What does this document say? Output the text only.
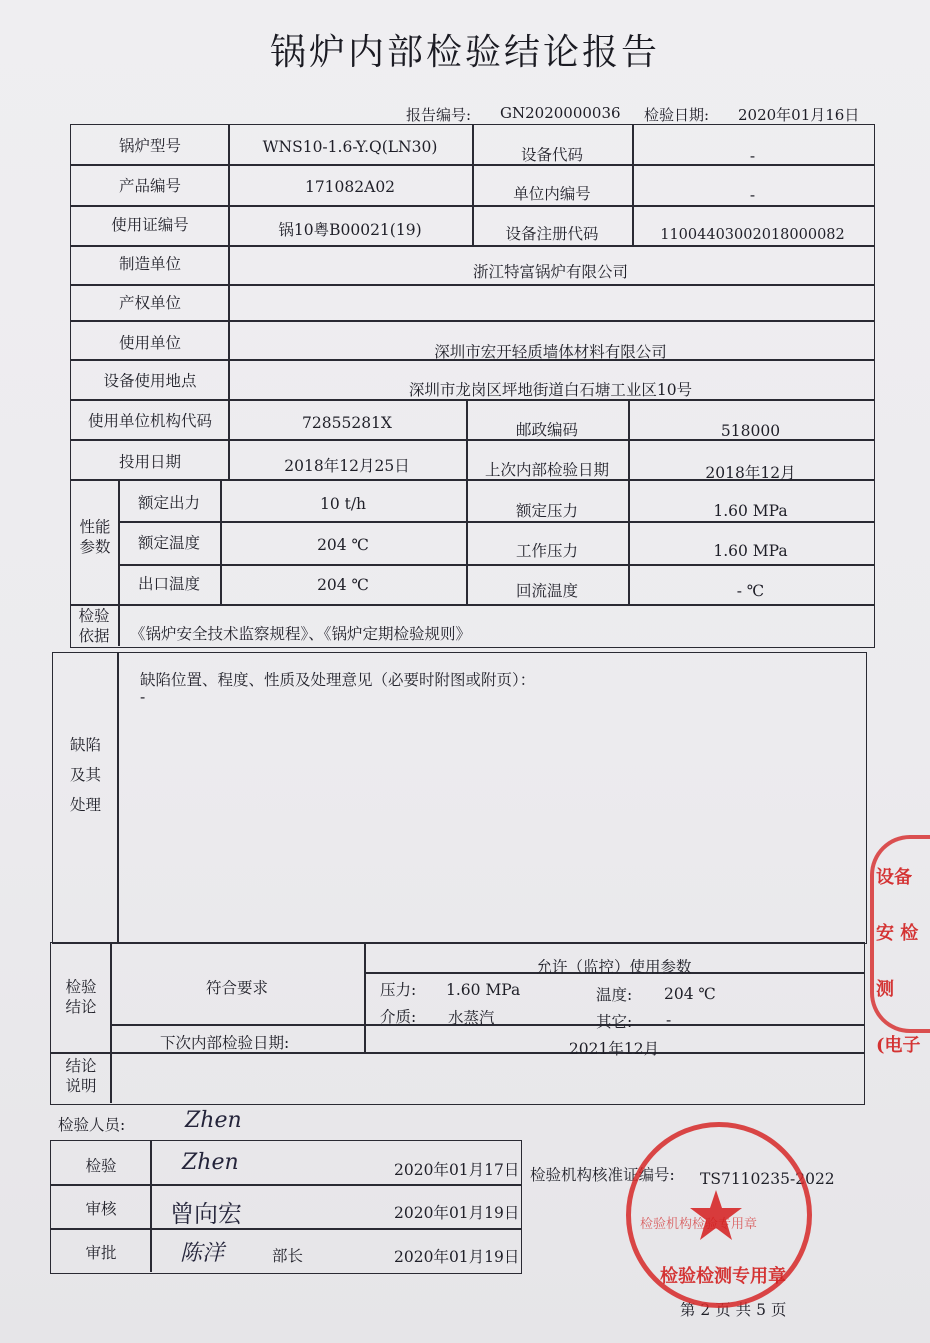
锅炉内部检验结论报告
报告编号: GN2020000036 检验日期: 2020年01月16日
锅炉型号	WNS10-1.6-Y.Q(LN30)	设备代码	-
产品编号	171082A02	单位内编号	-
使用证编号	锅10粤B00021(19)	设备注册代码	11004403002018000082
制造单位	浙江特富锅炉有限公司
产权单位
使用单位	深圳市宏开轻质墙体材料有限公司
设备使用地点	深圳市龙岗区坪地街道白石塘工业区10号
使用单位机构代码	72855281X	邮政编码	518000
投用日期	2018年12月25日	上次内部检验日期	2018年12月
性能
参数
额定出力	10 t/h	额定压力	1.60 MPa
额定温度	204 ℃	工作压力	1.60 MPa
出口温度	204 ℃	回流温度	- ℃
检验
依据	《锅炉安全技术监察规程》、《锅炉定期检验规则》
缺陷
及其
处理
缺陷位置、程度、性质及处理意见（必要时附图或附页）：
-
检验
结论
符合要求
允许（监控）使用参数
压力: 1.60 MPa	温度: 204 ℃
介质: 水蒸汽	其它: -
下次内部检验日期:	2021年12月
结论
说明
检验人员:	Zhen
检验	Zhen	2020年01月17日
审核	曾向宏	2020年01月19日
审批	陈洋	部长	2020年01月19日
检验机构核准证编号: TS7110235-2022
第 2 页 共 5 页
检验检测专用章
检验机构检验专用章
设备安 检测 (电子
